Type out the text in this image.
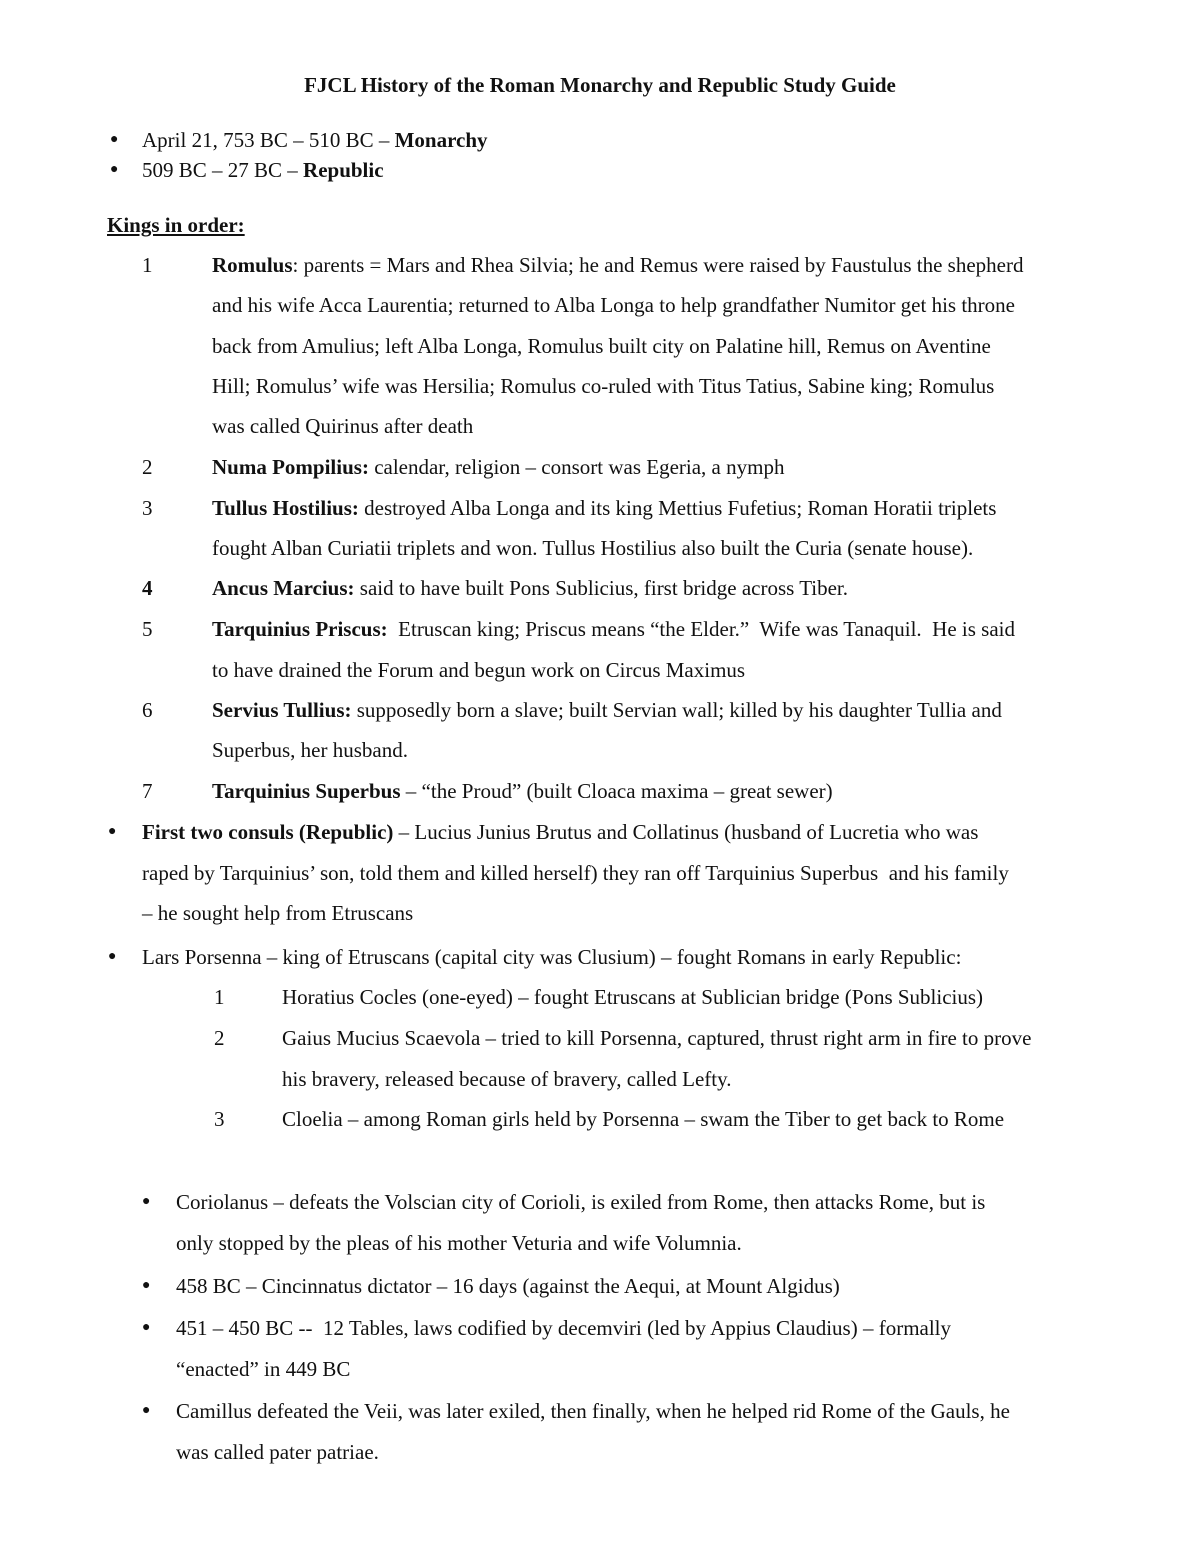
FJCL History of the Roman Monarchy and Republic Study Guide
● April 21, 753 BC – 510 BC – Monarchy
● 509 BC – 27 BC – Republic
Kings in order:
1	Romulus: parents = Mars and Rhea Silvia; he and Remus were raised by Faustulus the shepherd
and his wife Acca Laurentia; returned to Alba Longa to help grandfather Numitor get his throne
back from Amulius; left Alba Longa, Romulus built city on Palatine hill, Remus on Aventine
Hill; Romulus’ wife was Hersilia; Romulus co-ruled with Titus Tatius, Sabine king; Romulus
was called Quirinus after death
2	Numa Pompilius: calendar, religion – consort was Egeria, a nymph
3	Tullus Hostilius: destroyed Alba Longa and its king Mettius Fufetius; Roman Horatii triplets
fought Alban Curiatii triplets and won. Tullus Hostilius also built the Curia (senate house).
4	Ancus Marcius: said to have built Pons Sublicius, first bridge across Tiber.
5	Tarquinius Priscus:  Etruscan king; Priscus means “the Elder.”  Wife was Tanaquil.  He is said
to have drained the Forum and begun work on Circus Maximus
6	Servius Tullius: supposedly born a slave; built Servian wall; killed by his daughter Tullia and
Superbus, her husband.
7	Tarquinius Superbus – “the Proud” (built Cloaca maxima – great sewer)
● First two consuls (Republic) – Lucius Junius Brutus and Collatinus (husband of Lucretia who was
raped by Tarquinius’ son, told them and killed herself) they ran off Tarquinius Superbus  and his family
– he sought help from Etruscans
● Lars Porsenna – king of Etruscans (capital city was Clusium) – fought Romans in early Republic:
1	Horatius Cocles (one-eyed) – fought Etruscans at Sublician bridge (Pons Sublicius)
2	Gaius Mucius Scaevola – tried to kill Porsenna, captured, thrust right arm in fire to prove
his bravery, released because of bravery, called Lefty.
3	Cloelia – among Roman girls held by Porsenna – swam the Tiber to get back to Rome
● Coriolanus – defeats the Volscian city of Corioli, is exiled from Rome, then attacks Rome, but is
only stopped by the pleas of his mother Veturia and wife Volumnia.
● 458 BC – Cincinnatus dictator – 16 days (against the Aequi, at Mount Algidus)
● 451 – 450 BC --  12 Tables, laws codified by decemviri (led by Appius Claudius) – formally
“enacted” in 449 BC
● Camillus defeated the Veii, was later exiled, then finally, when he helped rid Rome of the Gauls, he
was called pater patriae.
